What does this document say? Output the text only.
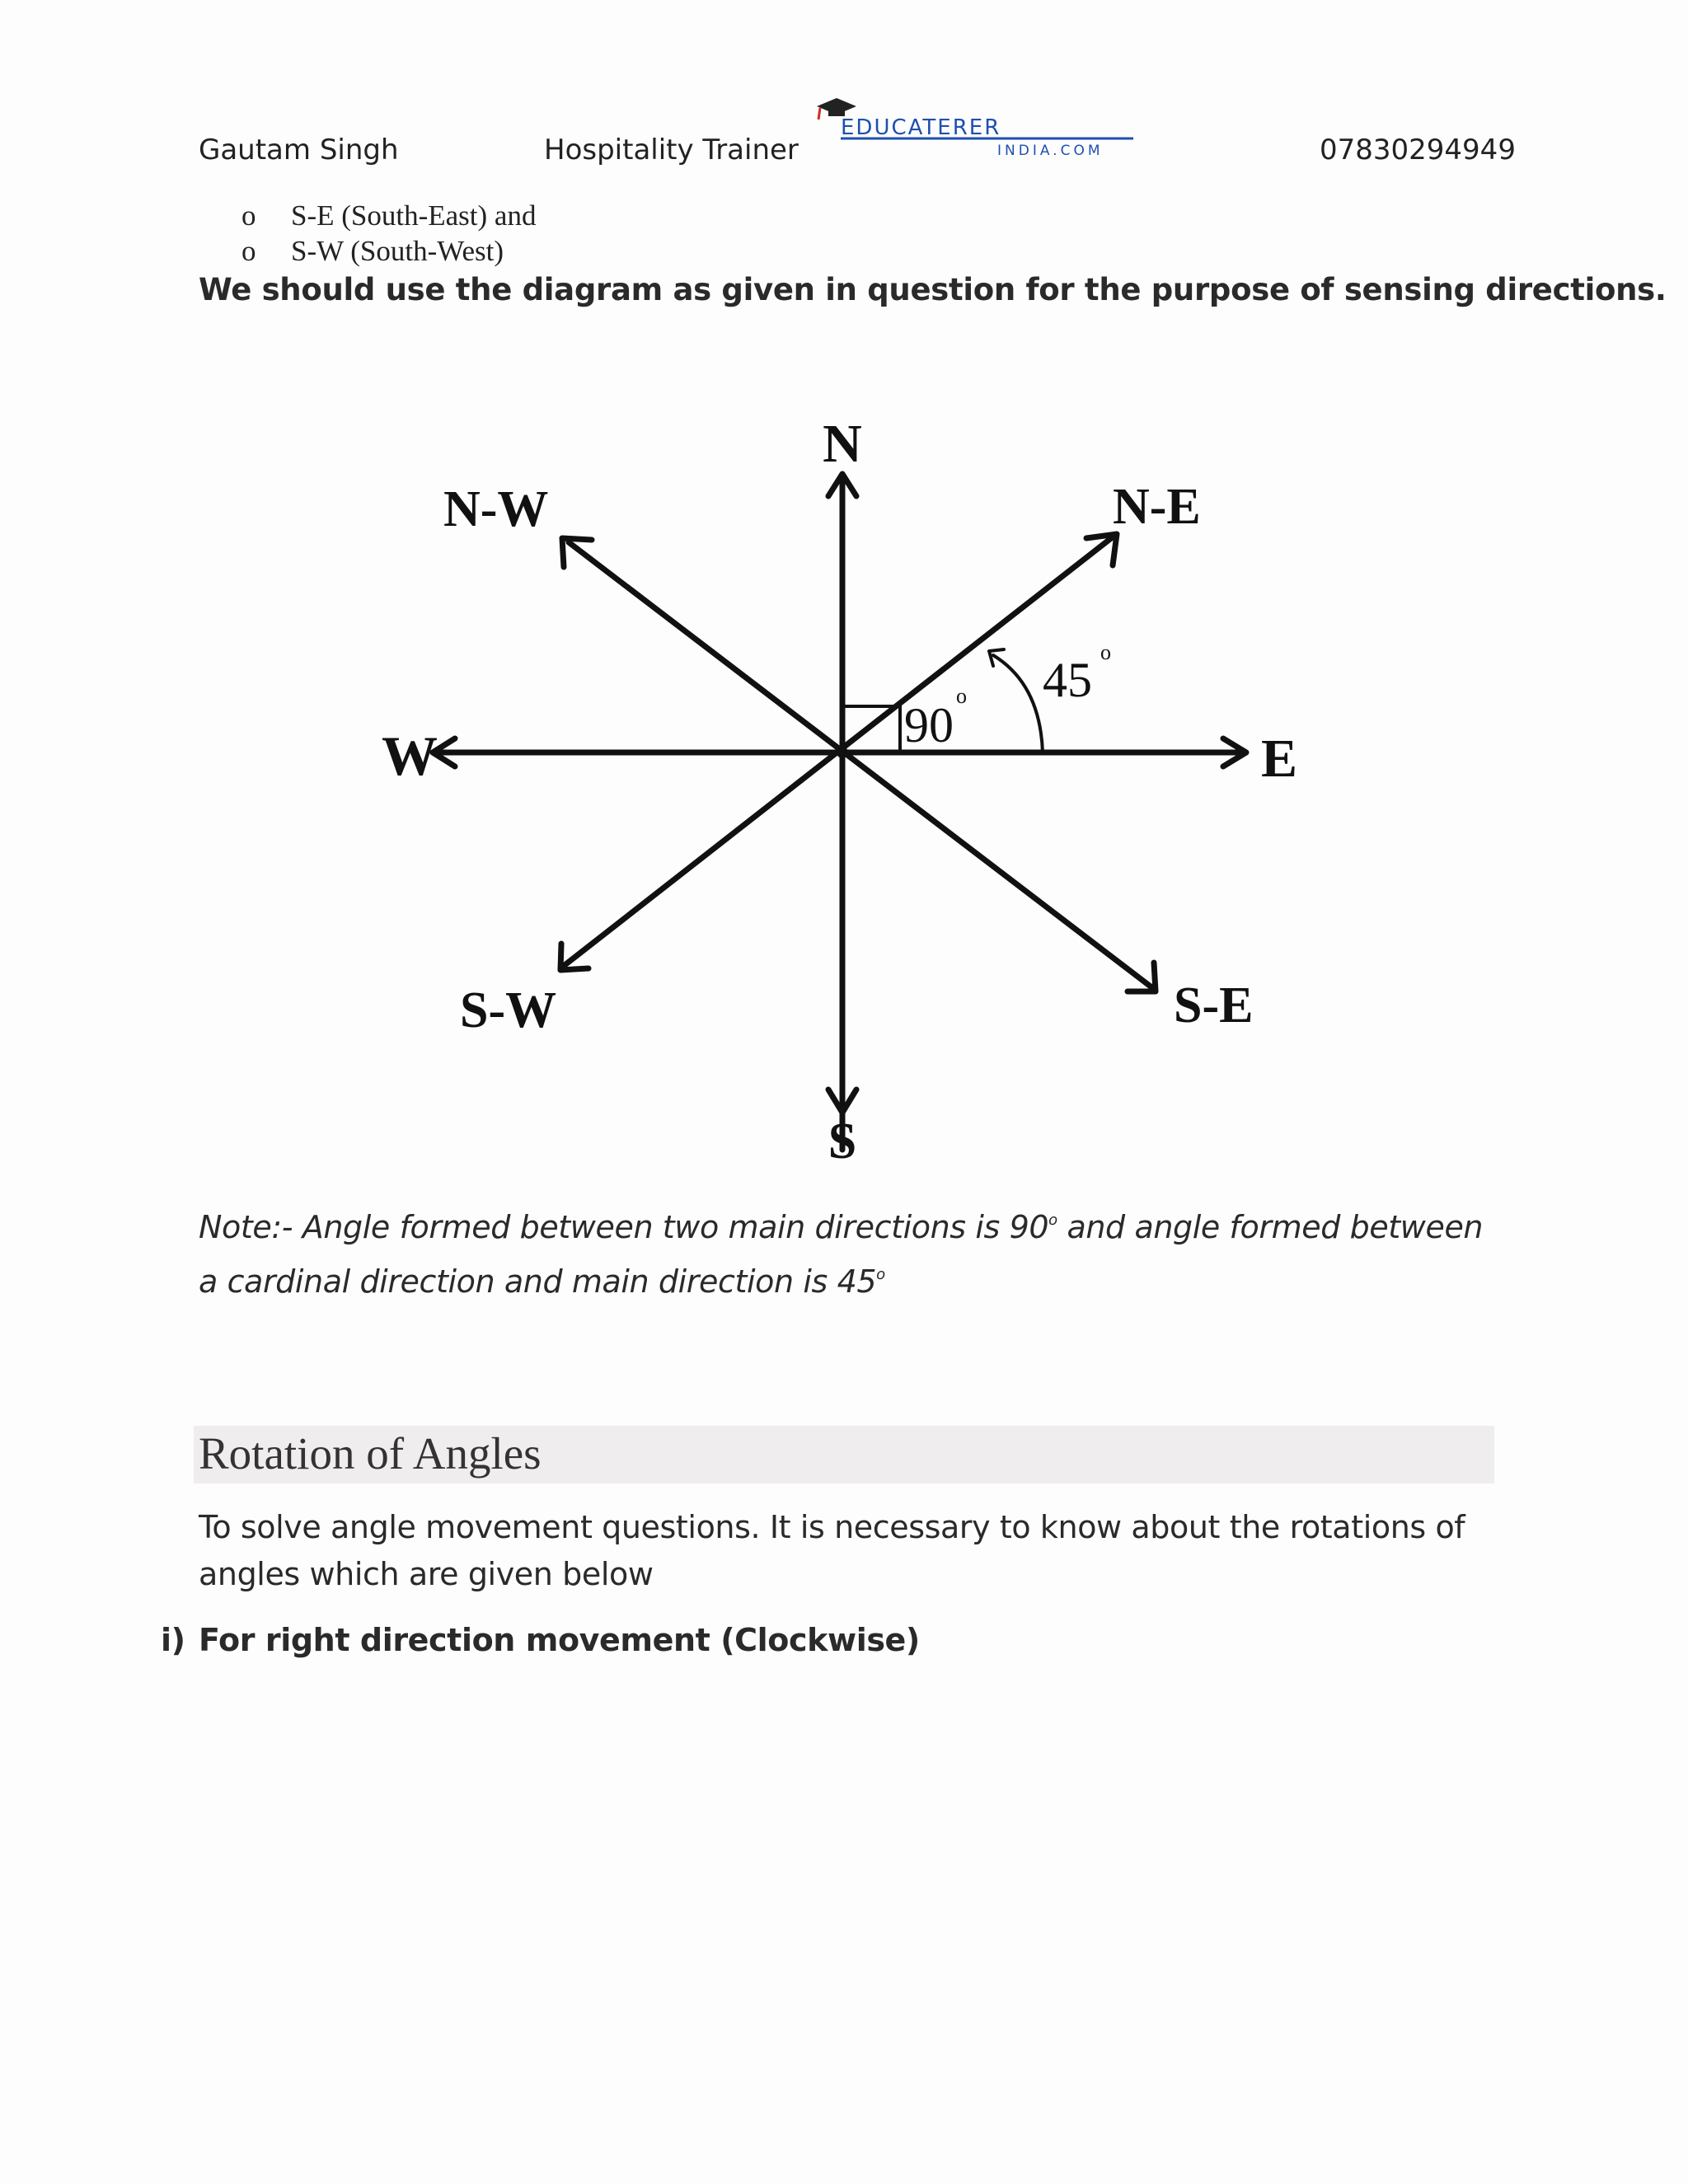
Gautam Singh	Hospitality Trainer	07830294949
EDUCATERER
INDIA.COM
o S-E (South-East) and
o S-W (South-West)
We should use the diagram as given in question for the purpose of sensing directions.
N
S
W	E
N-E
N-W
S-E
S-W
90
o 45
o
Note:- Angle formed between two main directions is 90$^o$ and angle formed between a cardinal direction and main direction is 45$^o$
Rotation of Angles
To solve angle movement questions. It is necessary to know about the rotations of angles which are given below
i) For right direction movement (Clockwise)
